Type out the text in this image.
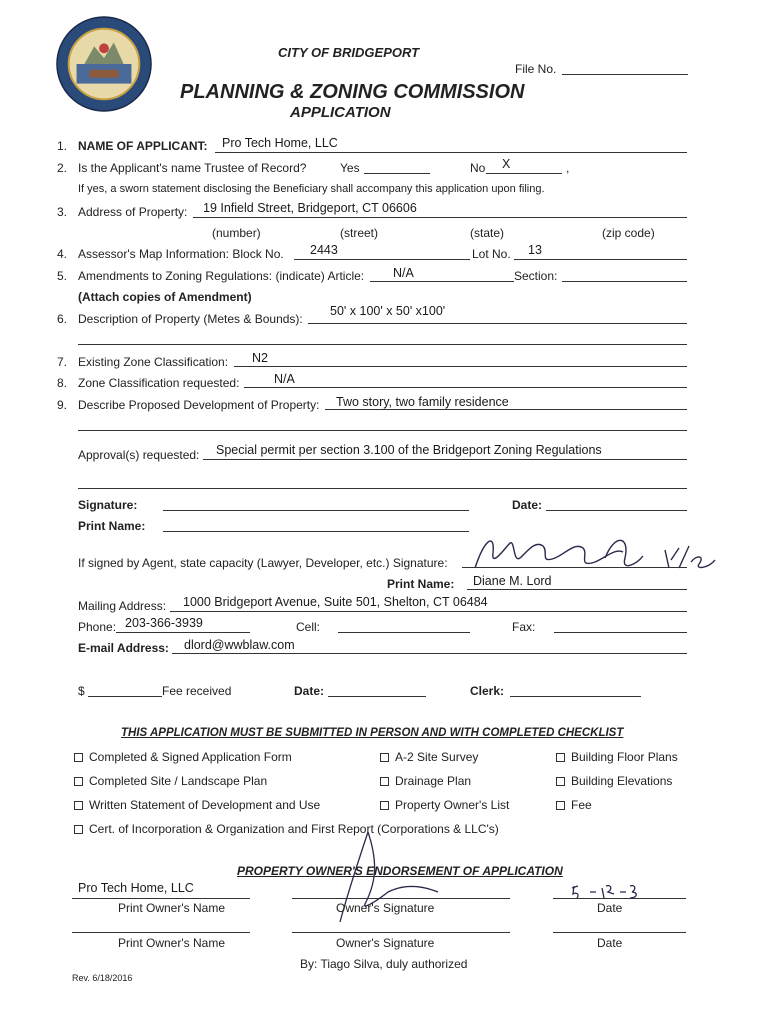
CITY OF BRIDGEPORT
File No.
PLANNING & ZONING COMMISSION
APPLICATION
1. NAME OF APPLICANT: Pro Tech Home, LLC
2. Is the Applicant's name Trustee of Record?	Yes	No X	,
If yes, a sworn statement disclosing the Beneficiary shall accompany this application upon filing.
3. Address of Property: 19 Infield Street, Bridgeport, CT 06606
(number)	(street)	(state)	(zip code)
4. Assessor's Map Information: Block No. 2443	Lot No. 13
5. Amendments to Zoning Regulations: (indicate) Article: N/A	Section:
(Attach copies of Amendment)
6. Description of Property (Metes & Bounds):
50' x 100' x 50' x100'
7. Existing Zone Classification: N2
8. Zone Classification requested:	N/A
9. Describe Proposed Development of Property: Two story, two family residence
Approval(s) requested: Special permit per section 3.100 of the Bridgeport Zoning Regulations
Signature:	Date:
Print Name:
If signed by Agent, state capacity (Lawyer, Developer, etc.) Signature:
Print Name: Diane M. Lord
Mailing Address: 1000 Bridgeport Avenue, Suite 501, Shelton, CT 06484
Phone: 203-366-3939	Cell:	Fax:
E-mail Address: dlord@wwblaw.com
$	Fee received	Date:	Clerk:
THIS APPLICATION MUST BE SUBMITTED IN PERSON AND WITH COMPLETED CHECKLIST
Completed & Signed Application Form	A-2 Site Survey	Building Floor Plans
Completed Site / Landscape Plan	Drainage Plan	Building Elevations
Written Statement of Development and Use	Property Owner's List	Fee
Cert. of Incorporation & Organization and First Report (Corporations & LLC's)
PROPERTY OWNER'S ENDORSEMENT OF APPLICATION
Pro Tech Home, LLC
Print Owner's Name	Owner's Signature	Date
Print Owner's Name	Owner's Signature	Date
By: Tiago Silva, duly authorized
Rev. 6/18/2016
